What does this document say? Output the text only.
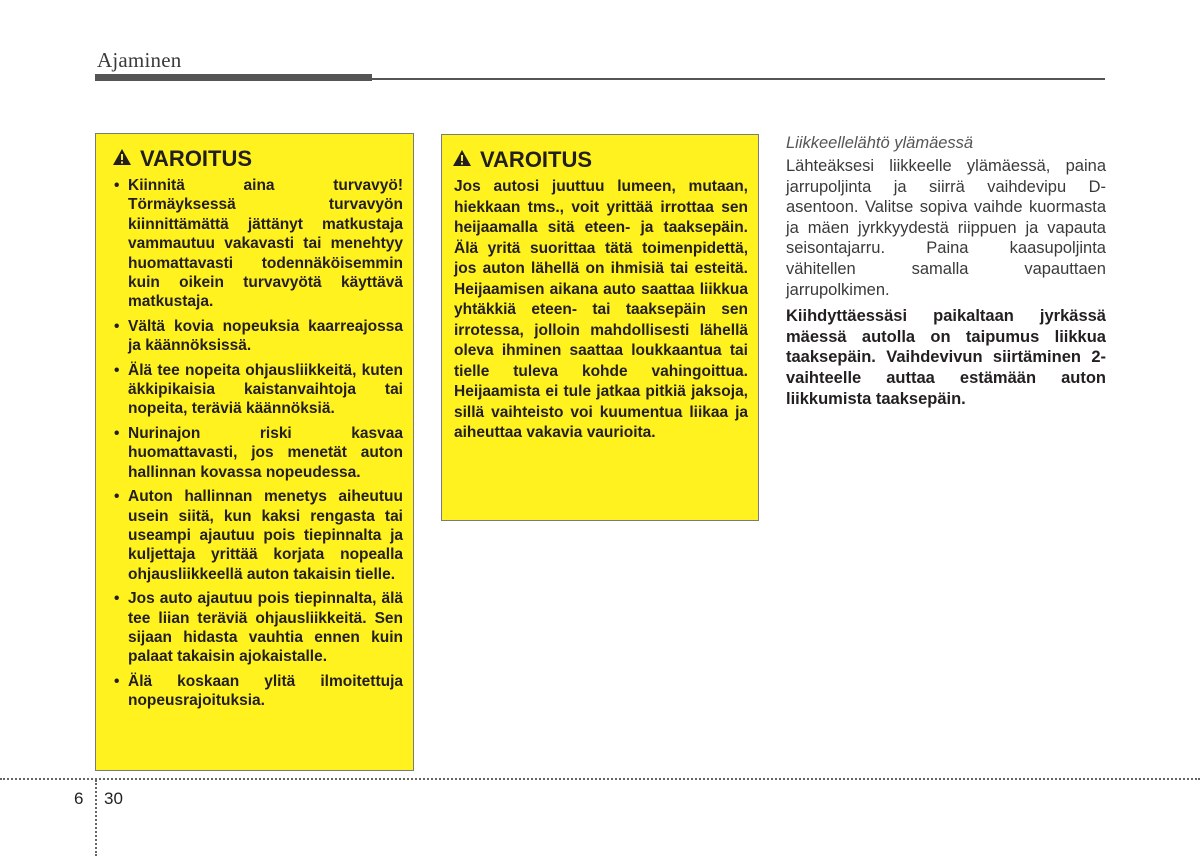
Ajaminen
VAROITUS
• Kiinnitä aina turvavyö! Törmäyksessä turvavyön kiinnittämättä jättänyt matkustaja vammautuu vakavasti tai menehtyy huomattavasti todennäköisemmin kuin oikein turvavyötä käyttävä matkustaja.
• Vältä kovia nopeuksia kaarreajossa ja käännöksissä.
• Älä tee nopeita ohjausliikkeitä, kuten äkkipikaisia kaistanvaihtoja tai nopeita, teräviä käännöksiä.
• Nurinajon riski kasvaa huomattavasti, jos menetät auton hallinnan kovassa nopeudessa.
• Auton hallinnan menetys aiheutuu usein siitä, kun kaksi rengasta tai useampi ajautuu pois tiepinnalta ja kuljettaja yrittää korjata nopealla ohjausliikkeellä auton takaisin tielle.
• Jos auto ajautuu pois tiepinnalta, älä tee liian teräviä ohjausliikkeitä. Sen sijaan hidasta vauhtia ennen kuin palaat takaisin ajokaistalle.
• Älä koskaan ylitä ilmoitettuja nopeusrajoituksia.
VAROITUS
Jos autosi juuttuu lumeen, mutaan, hiekkaan tms., voit yrittää irrottaa sen heijaamalla sitä eteen- ja taaksepäin. Älä yritä suorittaa tätä toimenpidettä, jos auton lähellä on ihmisiä tai esteitä. Heijaamisen aikana auto saattaa liikkua yhtäkkiä eteen- tai taaksepäin sen irrotessa, jolloin mahdollisesti lähellä oleva ihminen saattaa loukkaantua tai tielle tuleva kohde vahingoittua. Heijaamista ei tule jatkaa pitkiä jaksoja, sillä vaihteisto voi kuumentua liikaa ja aiheuttaa vakavia vaurioita.
Liikkeellelähtö ylämäessä

Lähteäksesi liikkeelle ylämäessä, paina jarrupoljinta ja siirrä vaihdevipu D-asentoon. Valitse sopiva vaihde kuormasta ja mäen jyrkkyydestä riippuen ja vapauta seisontajarru. Paina kaasupoljinta vähitellen samalla vapauttaen jarrupolkimen.

Kiihdyttäessäsi paikaltaan jyrkässä mäessä autolla on taipumus liikkua taaksepäin. Vaihdevivun siirtäminen 2-vaihteelle auttaa estämään auton liikkumista taaksepäin.

6 30
